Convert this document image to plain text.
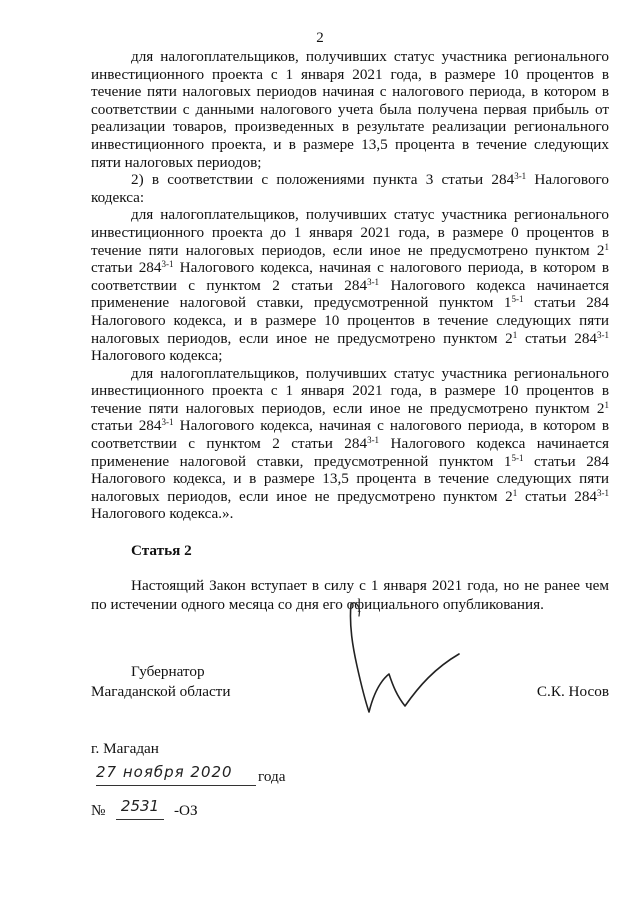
2

для налогоплательщиков, получивших статус участника регионального инвестиционного проекта с 1 января 2021 года, в размере 10 процентов в течение пяти налоговых периодов начиная с налогового периода, в котором в соответствии с данными налогового учета была получена первая прибыль от реализации товаров, произведенных в результате реализации регионального инвестиционного проекта, и в размере 13,5 процента в течение следующих пяти налоговых периодов;

2) в соответствии с положениями пункта 3 статьи 284$^{3-1}$ Налогового кодекса:

для налогоплательщиков, получивших статус участника регионального инвестиционного проекта до 1 января 2021 года, в размере 0 процентов в течение пяти налоговых периодов, если иное не предусмотрено пунктом $2^1$ статьи 284$^{3-1}$ Налогового кодекса, начиная с налогового периода, в котором в соответствии с пунктом 2 статьи 284$^{3-1}$ Налогового кодекса начинается применение налоговой ставки, предусмотренной пунктом 1$^{5-1}$ статьи 284 Налогового кодекса, и в размере 10 процентов в течение следующих пяти налоговых периодов, если иное не предусмотрено пунктом $2^1$ статьи 284$^{3-1}$ Налогового кодекса;

для налогоплательщиков, получивших статус участника регионального инвестиционного проекта с 1 января 2021 года, в размере 10 процентов в течение пяти налоговых периодов, если иное не предусмотрено пунктом $2^1$ статьи 284$^{3-1}$ Налогового кодекса, начиная с налогового периода, в котором в соответствии с пунктом 2 статьи 284$^{3-1}$ Налогового кодекса начинается применение налоговой ставки, предусмотренной пунктом 1$^{5-1}$ статьи 284 Налогового кодекса, и в размере 13,5 процента в течение следующих пяти налоговых периодов, если иное не предусмотрено пунктом $2^1$ статьи 284$^{3-1}$ Налогового кодекса.».

Статья 2
Настоящий Закон вступает в силу с 1 января 2021 года, но не ранее чем по истечении одного месяца со дня его официального опубликования.
Губернатор
Магаданской области	С.К. Носов
г. Магадан
27 ноября 2020	года
№	2531 -ОЗ
